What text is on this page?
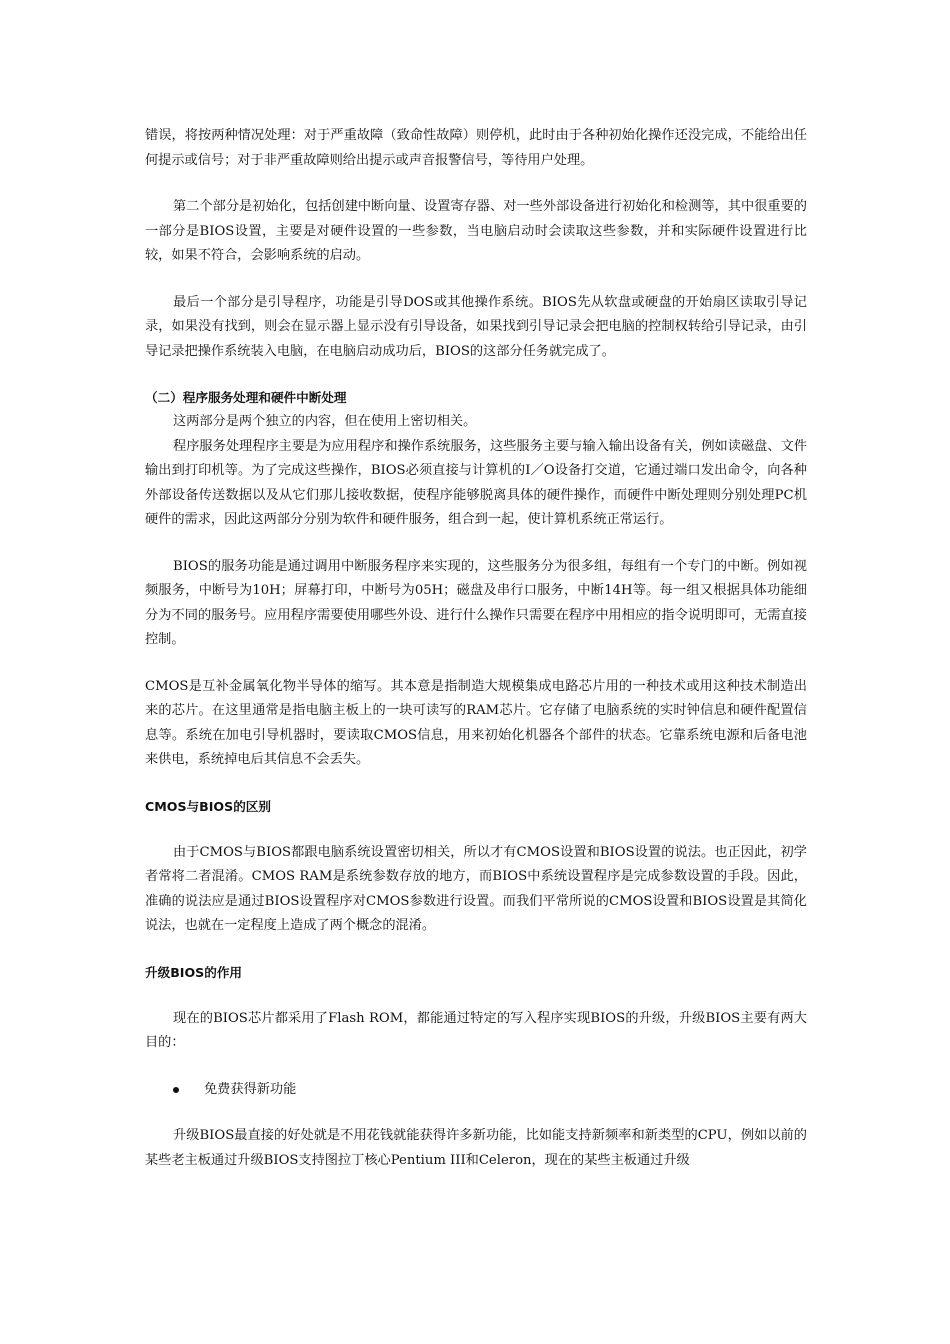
错误，将按两种情况处理：对于严重故障（致命性故障）则停机，此时由于各种初始化操作还没完成，不能给出任何提示或信号；对于非严重故障则给出提示或声音报警信号，等待用户处理。

第二个部分是初始化，包括创建中断向量、设置寄存器、对一些外部设备进行初始化和检测等，其中很重要的一部分是BIOS设置，主要是对硬件设置的一些参数，当电脑启动时会读取这些参数，并和实际硬件设置进行比较，如果不符合，会影响系统的启动。

最后一个部分是引导程序，功能是引导DOS或其他操作系统。BIOS先从软盘或硬盘的开始扇区读取引导记录，如果没有找到，则会在显示器上显示没有引导设备，如果找到引导记录会把电脑的控制权转给引导记录，由引导记录把操作系统装入电脑，在电脑启动成功后，BIOS的这部分任务就完成了。

（二）程序服务处理和硬件中断处理

这两部分是两个独立的内容，但在使用上密切相关。

程序服务处理程序主要是为应用程序和操作系统服务，这些服务主要与输入输出设备有关，例如读磁盘、文件输出到打印机等。为了完成这些操作，BIOS必须直接与计算机的I／O设备打交道，它通过端口发出命令，向各种外部设备传送数据以及从它们那儿接收数据，使程序能够脱离具体的硬件操作，而硬件中断处理则分别处理PC机硬件的需求，因此这两部分分别为软件和硬件服务，组合到一起，使计算机系统正常运行。

BIOS的服务功能是通过调用中断服务程序来实现的，这些服务分为很多组，每组有一个专门的中断。例如视频服务，中断号为10H；屏幕打印，中断号为05H；磁盘及串行口服务，中断14H等。每一组又根据具体功能细分为不同的服务号。应用程序需要使用哪些外设、进行什么操作只需要在程序中用相应的指令说明即可，无需直接控制。

CMOS是互补金属氧化物半导体的缩写。其本意是指制造大规模集成电路芯片用的一种技术或用这种技术制造出来的芯片。在这里通常是指电脑主板上的一块可读写的RAM芯片。它存储了电脑系统的实时钟信息和硬件配置信息等。系统在加电引导机器时，要读取CMOS信息，用来初始化机器各个部件的状态。它靠系统电源和后备电池来供电，系统掉电后其信息不会丢失。

CMOS与BIOS的区别

由于CMOS与BIOS都跟电脑系统设置密切相关，所以才有CMOS设置和BIOS设置的说法。也正因此，初学者常将二者混淆。CMOS RAM是系统参数存放的地方，而BIOS中系统设置程序是完成参数设置的手段。因此，准确的说法应是通过BIOS设置程序对CMOS参数进行设置。而我们平常所说的CMOS设置和BIOS设置是其简化说法，也就在一定程度上造成了两个概念的混淆。

升级BIOS的作用

现在的BIOS芯片都采用了Flash ROM，都能通过特定的写入程序实现BIOS的升级，升级BIOS主要有两大目的：

免费获得新功能

升级BIOS最直接的好处就是不用花钱就能获得许多新功能，比如能支持新频率和新类型的CPU，例如以前的某些老主板通过升级BIOS支持图拉丁核心Pentium III和Celeron，现在的某些主板通过升级
